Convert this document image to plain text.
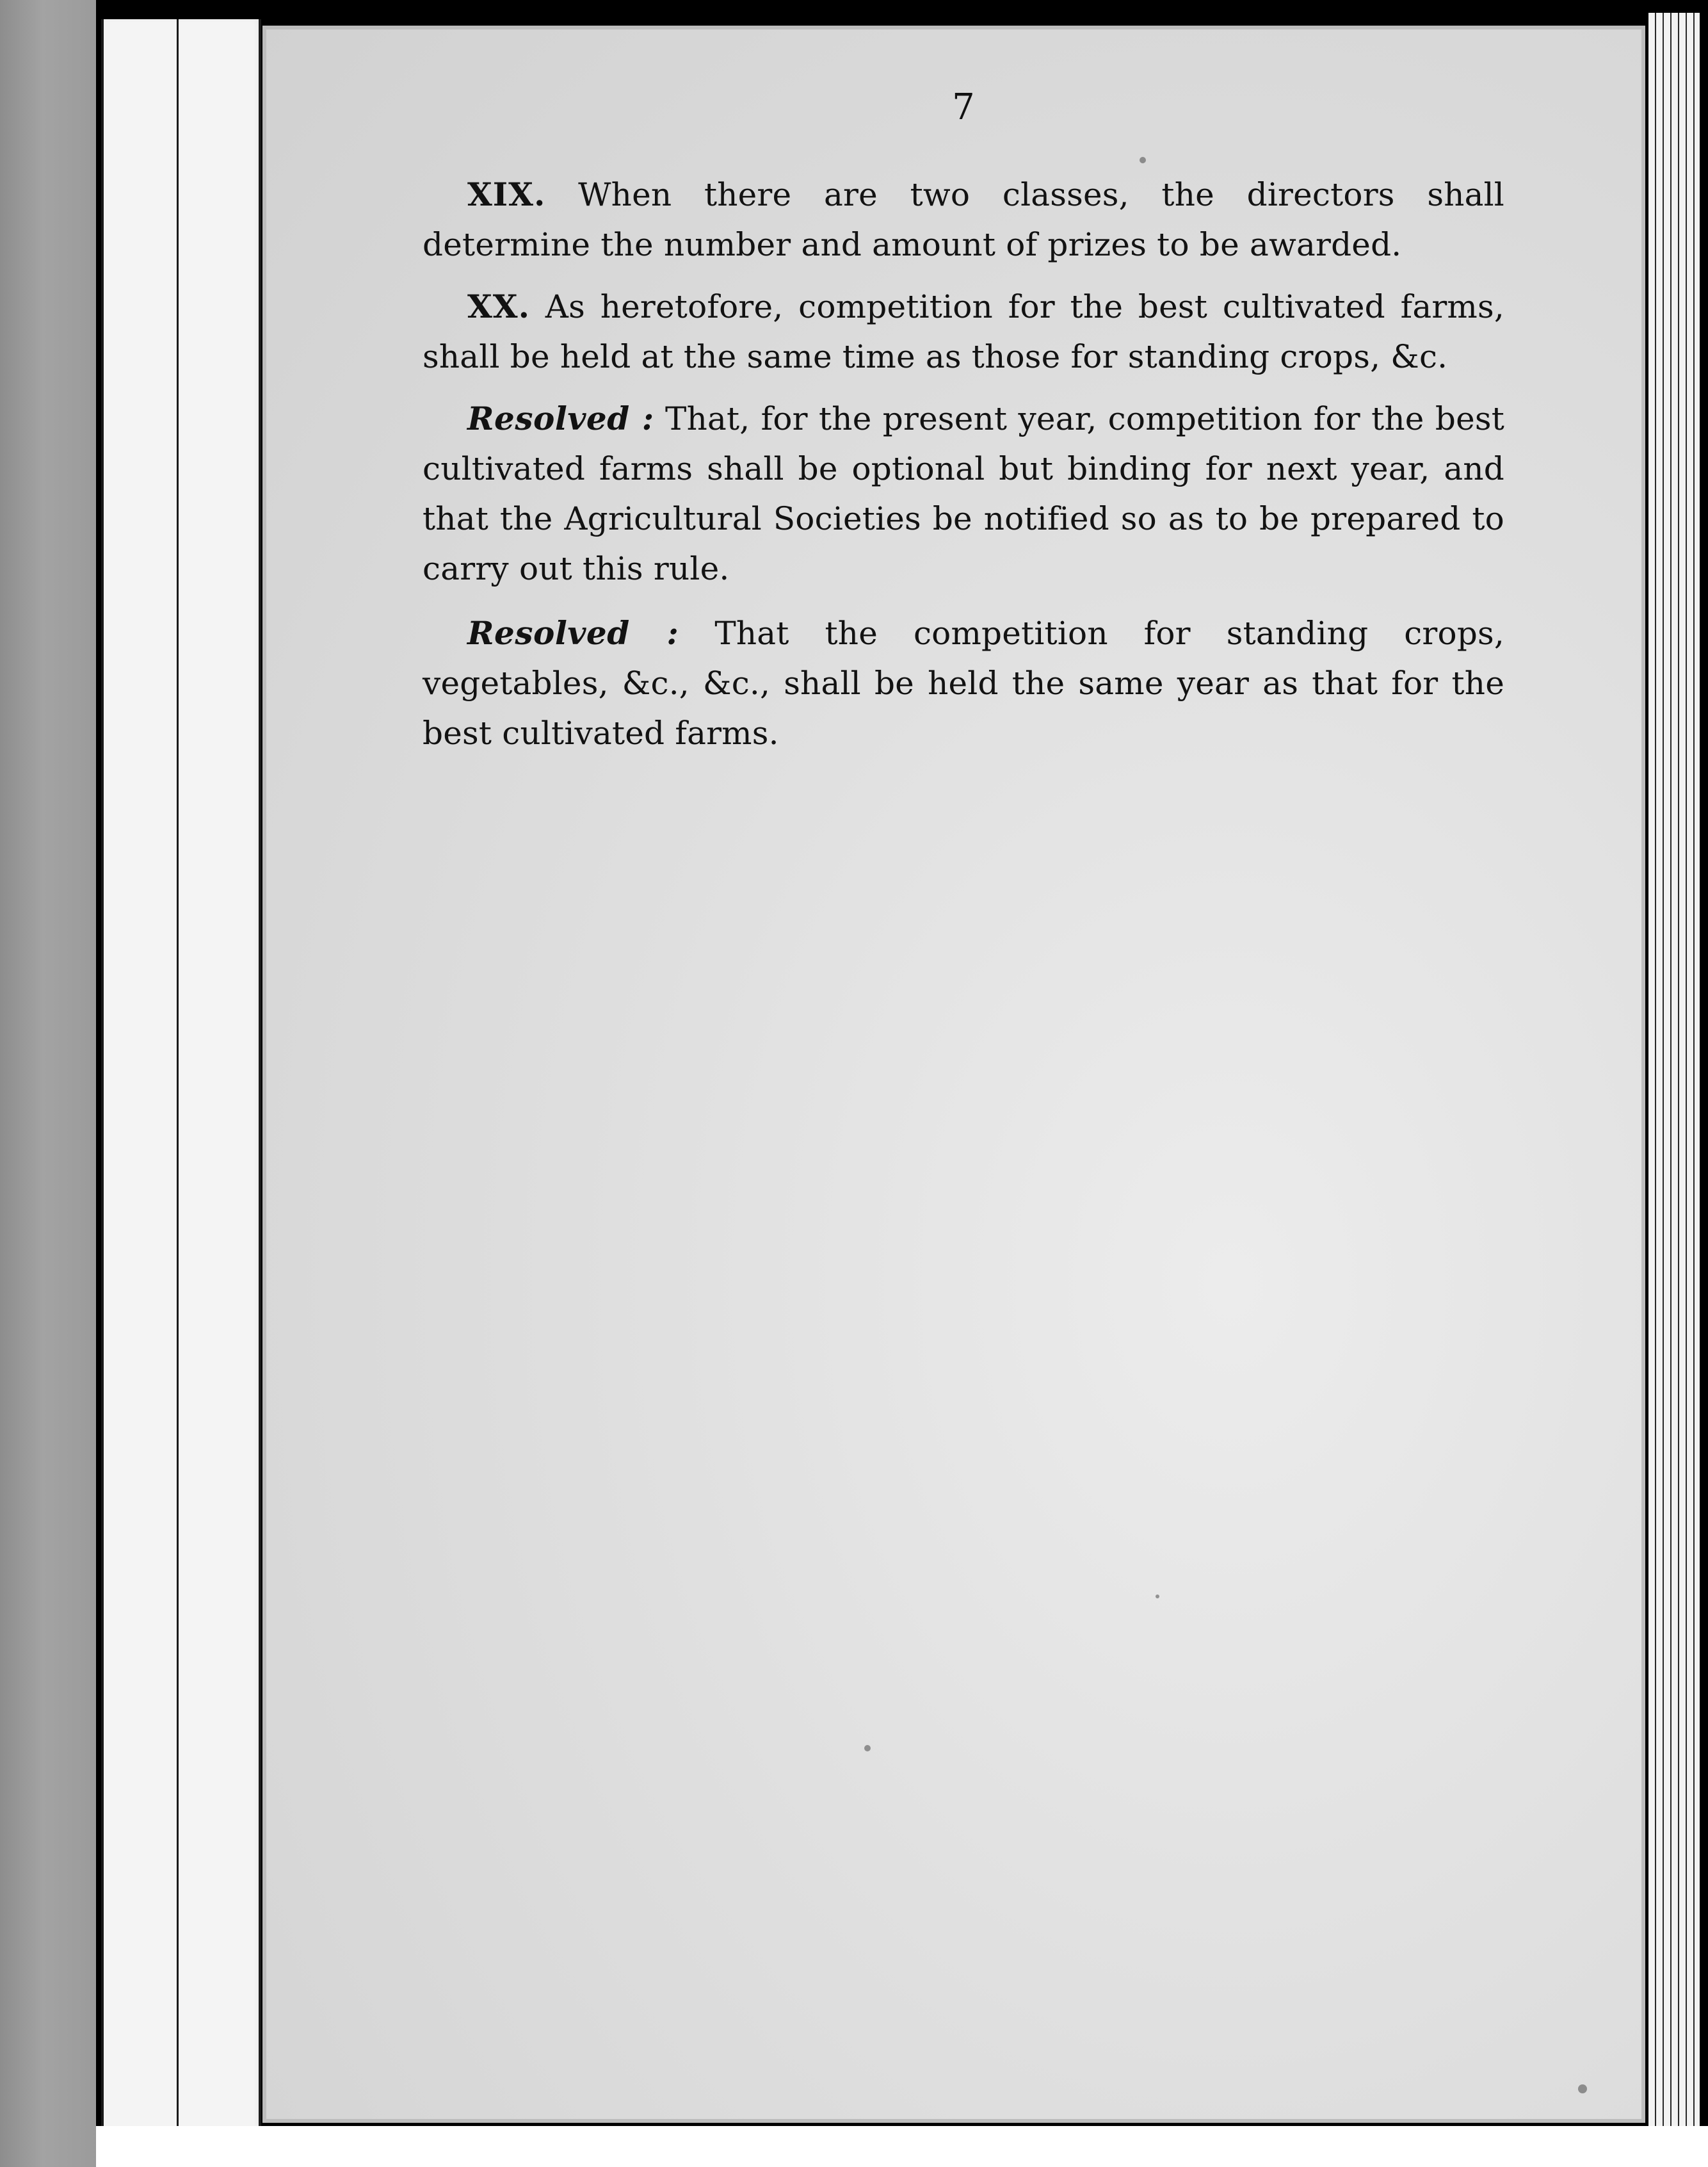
7
XIX. When there are two classes, the directors shall determine the number and amount of prizes to be awarded.
XX. As heretofore, competition for the best cultivated farms, shall be held at the same time as those for standing crops, &c.
Resolved : That, for the present year, competition for the best cultivated farms shall be optional but binding for next year, and that the Agricultural Societies be notified so as to be prepared to carry out this rule.
Resolved : That the competition for standing crops, vegetables, &c., &c., shall be held the same year as that for the best cultivated farms.
